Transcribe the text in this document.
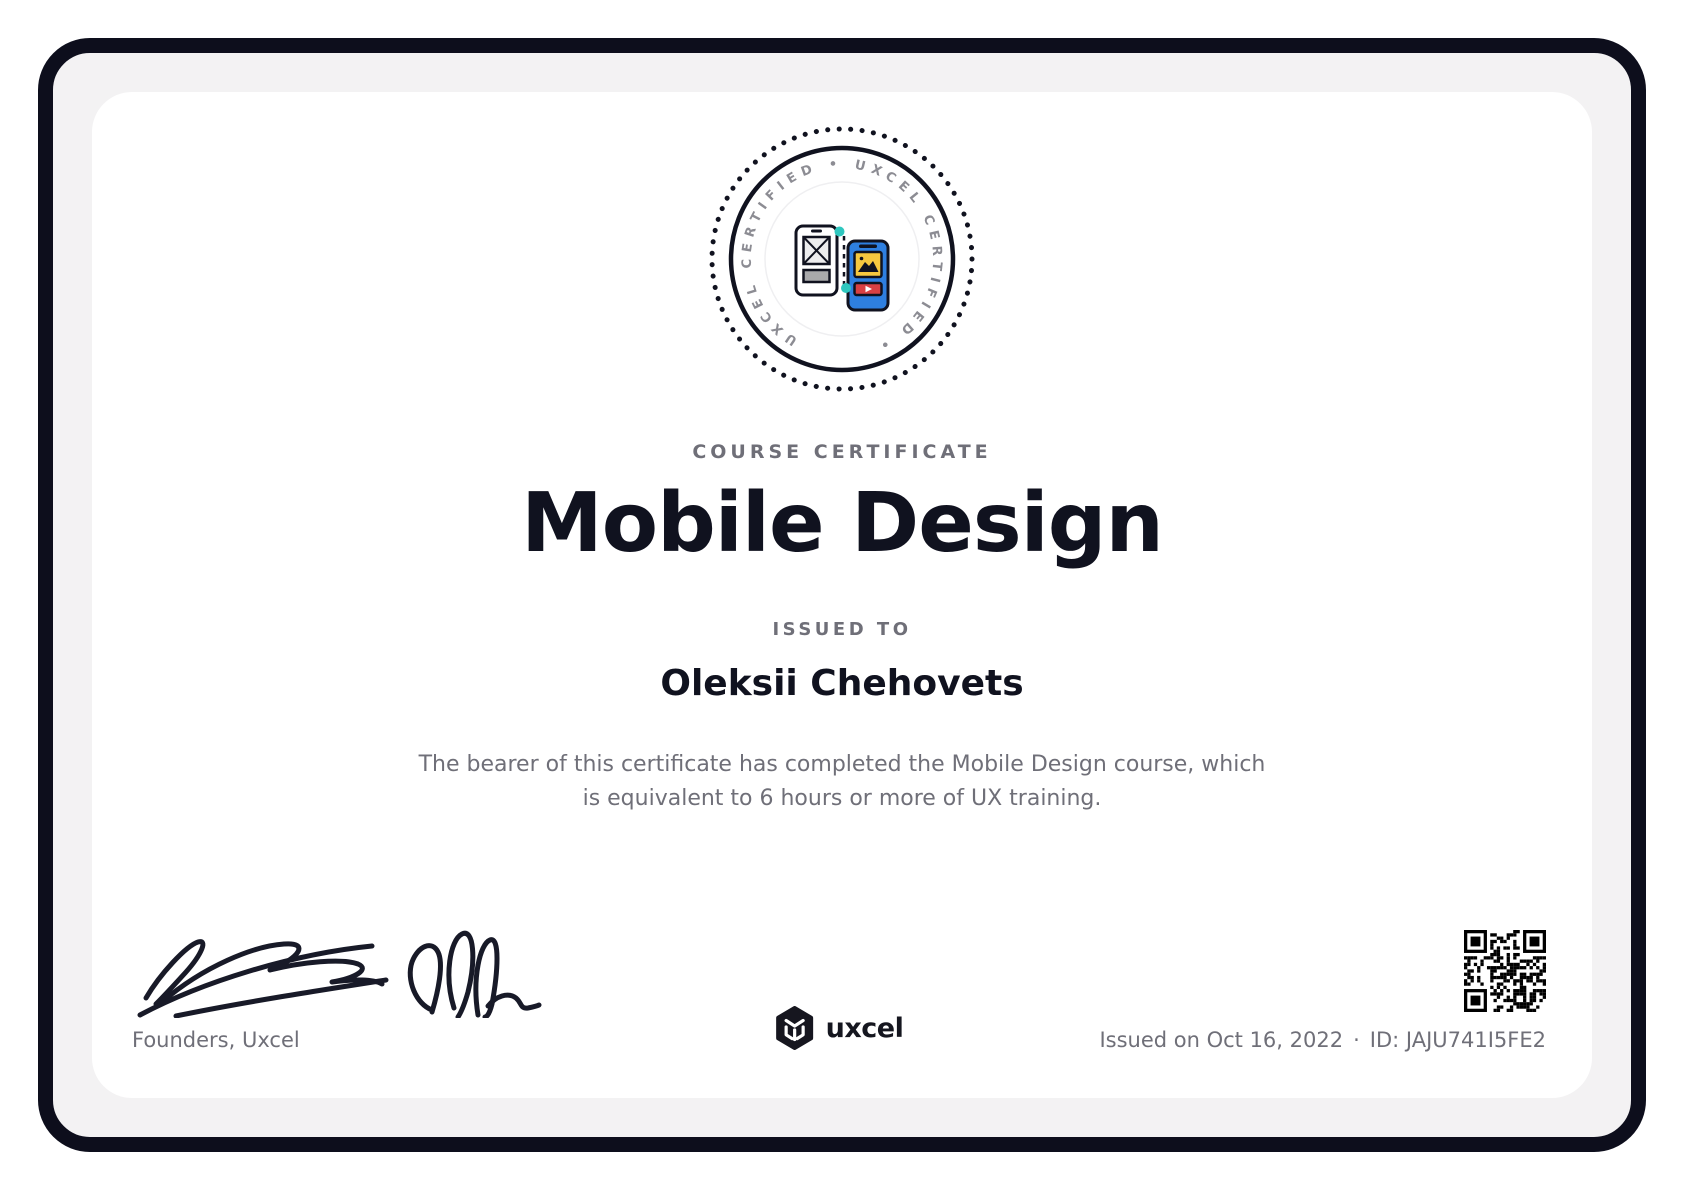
UXCEL CERTIFIED • UXCEL CERTIFIED •
COURSE CERTIFICATE
Mobile Design
ISSUED TO
Oleksii Chehovets
The bearer of this certificate has completed the Mobile Design course, which
is equivalent to 6 hours or more of UX training.
Founders, Uxcel	uxcel	Issued on Oct 16, 2022 · ID: JAJU741I5FE2
